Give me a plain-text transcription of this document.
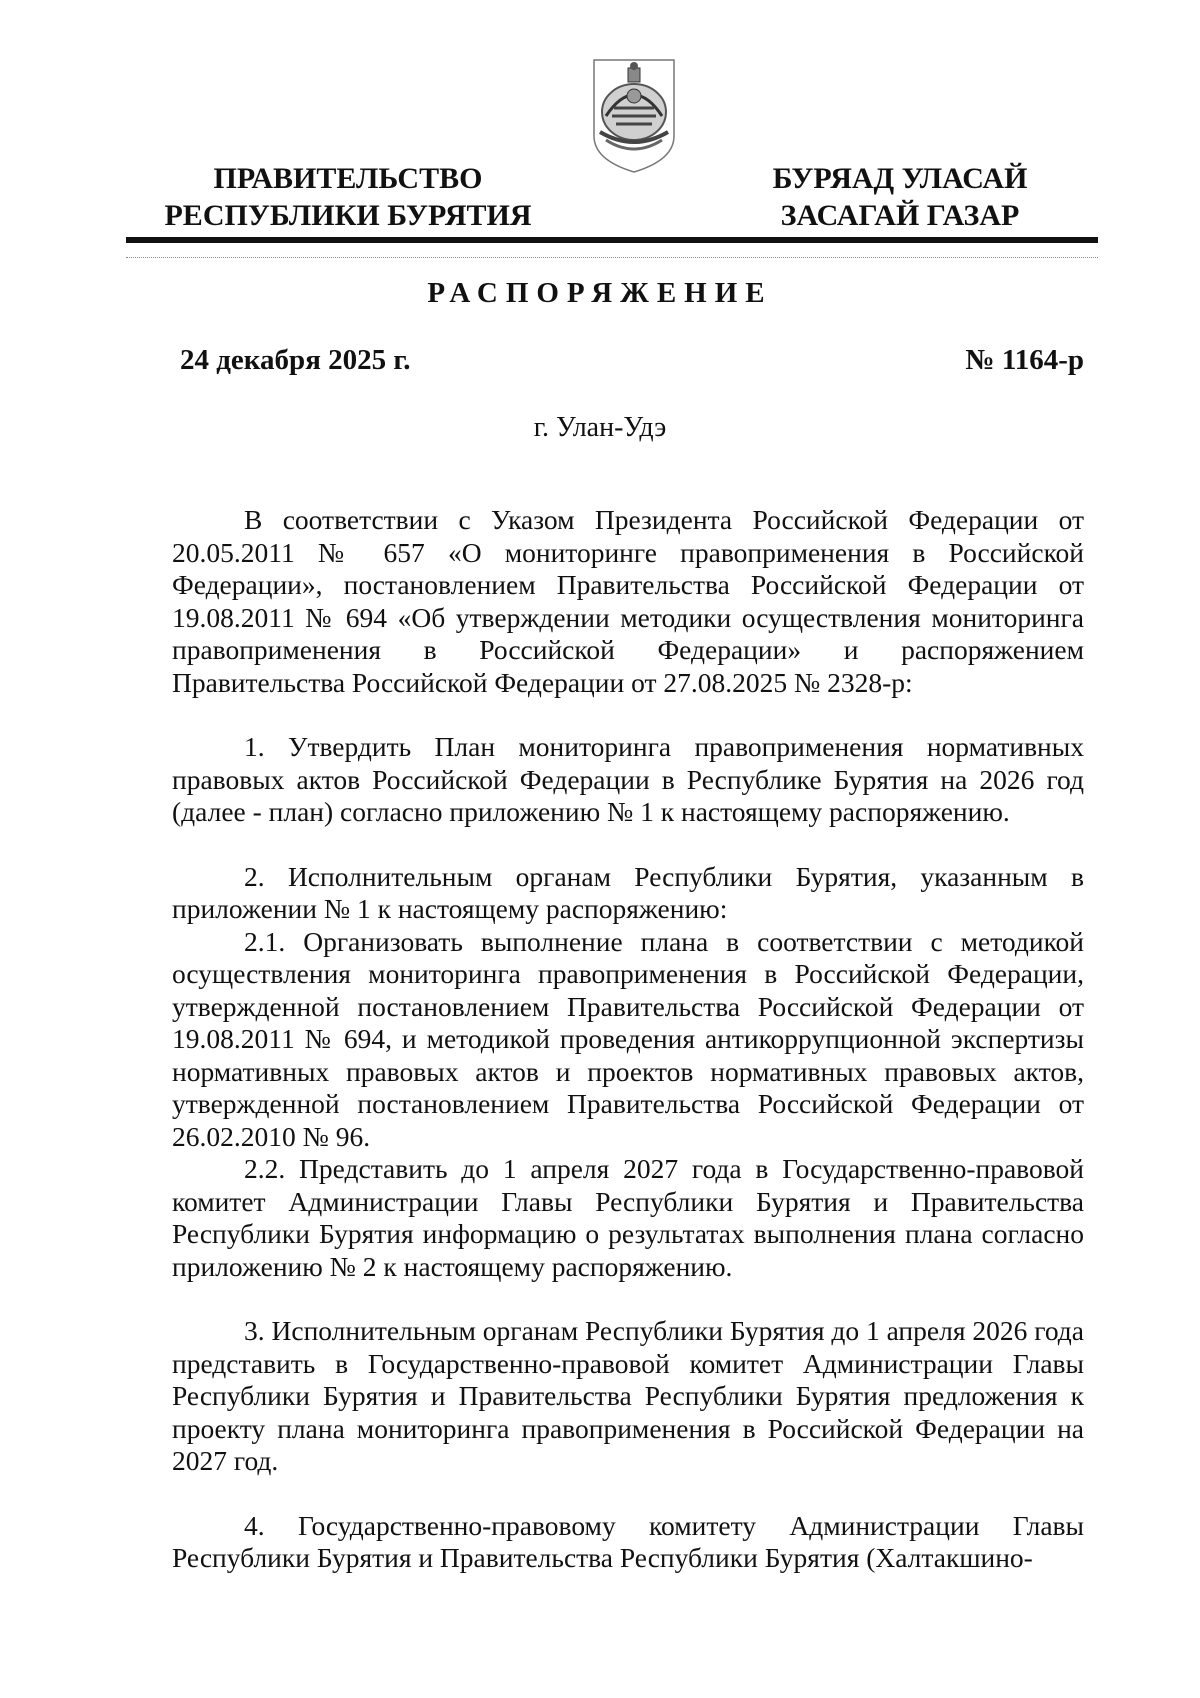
ПРАВИТЕЛЬСТВО
РЕСПУБЛИКИ БУРЯТИЯ
БУРЯАД УЛАСАЙ
ЗАСАГАЙ ГАЗАР
РАСПОРЯЖЕНИЕ
24 декабря 2025 г.	№ 1164-р
г. Улан-Удэ

В соответствии с Указом Президента Российской Федерации от 20.05.2011 № 657 «О мониторинге правоприменения в Российской Федерации», постановлением Правительства Российской Федерации от 19.08.2011 № 694 «Об утверждении методики осуществления мониторинга правоприменения в Российской Федерации» и распоряжением Правительства Российской Федерации от 27.08.2025 № 2328-р:

1. Утвердить План мониторинга правоприменения нормативных правовых актов Российской Федерации в Республике Бурятия на 2026 год (далее - план) согласно приложению № 1 к настоящему распоряжению.

2. Исполнительным органам Республики Бурятия, указанным в приложении № 1 к настоящему распоряжению:

2.1. Организовать выполнение плана в соответствии с методикой осуществления мониторинга правоприменения в Российской Федерации, утвержденной постановлением Правительства Российской Федерации от 19.08.2011 № 694, и методикой проведения антикоррупционной экспертизы нормативных правовых актов и проектов нормативных правовых актов, утвержденной постановлением Правительства Российской Федерации от 26.02.2010 № 96.

2.2. Представить до 1 апреля 2027 года в Государственно-правовой комитет Администрации Главы Республики Бурятия и Правительства Республики Бурятия информацию о результатах выполнения плана согласно приложению № 2 к настоящему распоряжению.

3. Исполнительным органам Республики Бурятия до 1 апреля 2026 года представить в Государственно-правовой комитет Администрации Главы Республики Бурятия и Правительства Республики Бурятия предложения к проекту плана мониторинга правоприменения в Российской Федерации на 2027 год.

4. Государственно-правовому комитету Администрации Главы Республики Бурятия и Правительства Республики Бурятия (Халтакшино-
